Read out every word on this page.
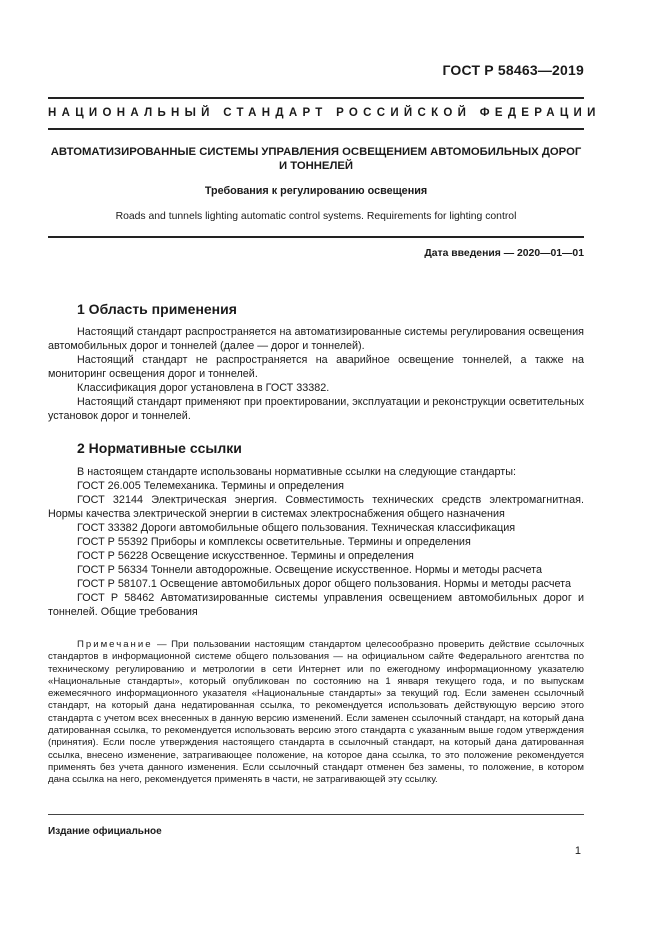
ГОСТ Р 58463—2019
НАЦИОНАЛЬНЫЙ СТАНДАРТ РОССИЙСКОЙ ФЕДЕРАЦИИ
АВТОМАТИЗИРОВАННЫЕ СИСТЕМЫ УПРАВЛЕНИЯ ОСВЕЩЕНИЕМ АВТОМОБИЛЬНЫХ ДОРОГ
И ТОННЕЛЕЙ
Требования к регулированию освещения
Roads and tunnels lighting automatic control systems. Requirements for lighting control
Дата введения — 2020—01—01
1 Область применения

Настоящий стандарт распространяется на автоматизированные системы регулирования освещения автомобильных дорог и тоннелей (далее — дорог и тоннелей).

Настоящий стандарт не распространяется на аварийное освещение тоннелей, а также на мониторинг освещения дорог и тоннелей.

Классификация дорог установлена в ГОСТ 33382.

Настоящий стандарт применяют при проектировании, эксплуатации и реконструкции осветительных установок дорог и тоннелей.

2 Нормативные ссылки

В настоящем стандарте использованы нормативные ссылки на следующие стандарты:

ГОСТ 26.005 Телемеханика. Термины и определения

ГОСТ 32144 Электрическая энергия. Совместимость технических средств электромагнитная. Нормы качества электрической энергии в системах электроснабжения общего назначения

ГОСТ 33382 Дороги автомобильные общего пользования. Техническая классификация

ГОСТ Р 55392 Приборы и комплексы осветительные. Термины и определения

ГОСТ Р 56228 Освещение искусственное. Термины и определения

ГОСТ Р 56334 Тоннели автодорожные. Освещение искусственное. Нормы и методы расчета

ГОСТ Р 58107.1 Освещение автомобильных дорог общего пользования. Нормы и методы расчета

ГОСТ Р 58462 Автоматизированные системы управления освещением автомобильных дорог и тоннелей. Общие требования

Примечание — При пользовании настоящим стандартом целесообразно проверить действие ссылочных стандартов в информационной системе общего пользования — на официальном сайте Федерального агентства по техническому регулированию и метрологии в сети Интернет или по ежегодному информационному указателю «Национальные стандарты», который опубликован по состоянию на 1 января текущего года, и по выпускам ежемесячного информационного указателя «Национальные стандарты» за текущий год. Если заменен ссылочный стандарт, на который дана недатированная ссылка, то рекомендуется использовать действующую версию этого стандарта с учетом всех внесенных в данную версию изменений. Если заменен ссылочный стандарт, на который дана датированная ссылка, то рекомендуется использовать версию этого стандарта с указанным выше годом утверждения (принятия). Если после утверждения настоящего стандарта в ссылочный стандарт, на который дана датированная ссылка, внесено изменение, затрагивающее положение, на которое дана ссылка, то это положение рекомендуется применять без учета данного изменения. Если ссылочный стандарт отменен без замены, то положение, в котором дана ссылка на него, рекомендуется применять в части, не затрагивающей эту ссылку.

Издание официальное
1
